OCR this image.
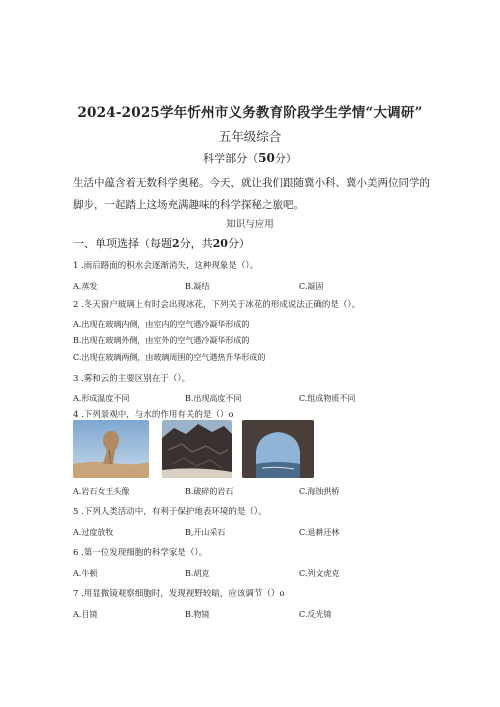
2024-2025学年忻州市义务教育阶段学生学情“大调研”
五年级综合
科学部分（50分）
生活中蕴含着无数科学奥秘。今天，就让我们跟随冀小科、冀小美两位同学的脚步，一起踏上这场充满趣味的科学探秘之旅吧。
知识与应用
一、单项选择（每题2分，共20分）
1 .雨后路面的积水会逐渐消失，这种现象是（）。
A.蒸发	B.凝结	C.凝固
2 .冬天窗户玻璃上有时会出现冰花，下列关于冰花的形成说法正确的是（）。
A.出现在玻璃内侧，由室内的空气遇冷凝华形成的
B.出现在玻璃外侧，由室外的空气遇冷凝华形成的
C.出现在玻璃两侧，由玻璃周围的空气遇热升华形成的
3 .雾和云的主要区别在于（）。
A.形成温度不同	B.出现高度不同	C.组成物质不同
4 .下列景观中，与水的作用有关的是（）o
A.岩石女王头像	B.破碎的岩石	C.海蚀拱桥
5 .下列人类活动中，有利于保护地表环境的是（）。
A.过度放牧	B,开山采石	C.退耕还林
6 .第一位发现细胞的科学家是（）。
A.牛顿	B.胡克	C.列文虎克
7 .用显微镜观察细胞时，发现视野较暗，应该调节（）o
A.目镜	B.物镜	C.反光镜
